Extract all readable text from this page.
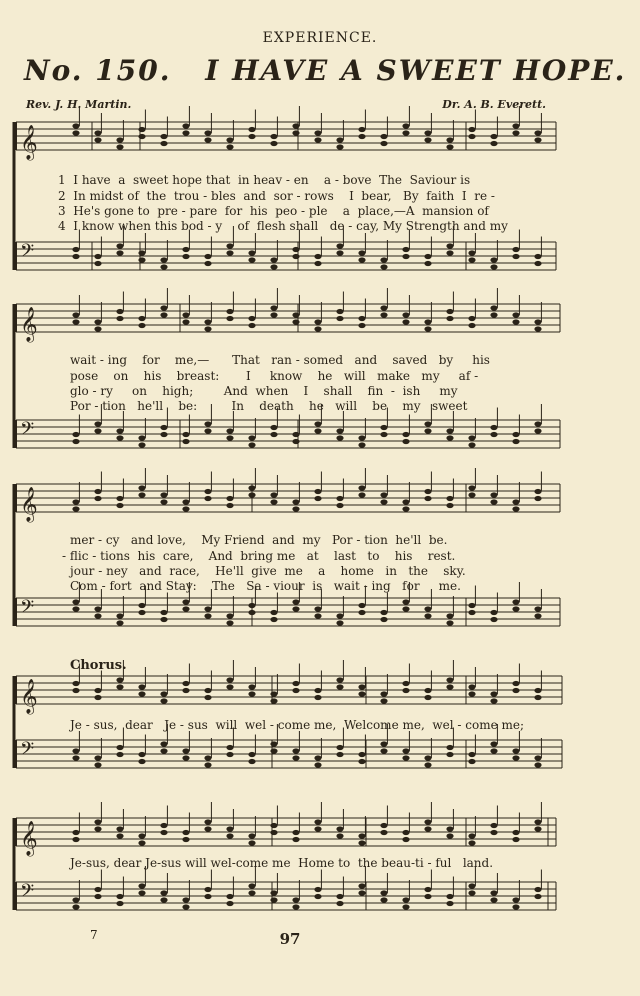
EXPERIENCE.
No. 150. I HAVE A SWEET HOPE.
Rev. J. H. Martin.	Dr. A. B. Everett.
𝄞
𝄢
𝄞
𝄢
𝄞
𝄢
𝄞
𝄢
𝄞
𝄢
1  I have  a  sweet hope that  in heav - en    a - bove  The  Saviour is
2  In midst of  the  trou - bles  and  sor - rows    I  bear,   By  faith  I  re -
3  He's gone to  pre - pare  for  his  peo - ple    a  place,—A  mansion of
4  I know when this bod - y    of  flesh shall   de - cay, My Strength and my
wait - ing    for    me,—      That   ran - somed   and    saved   by     his
pose    on    his    breast:       I     know    he   will   make   my     af -
glo - ry     on    high;        And  when    I    shall    fin  -  ish     my
Por - tion   he'll    be:         In    death    he   will    be    my   sweet
mer - cy   and love,    My Friend  and  my   Por - tion  he'll  be.
- flic - tions  his  care,    And  bring me   at    last   to    his    rest.
jour - ney   and  race,    He'll  give  me    a    home   in   the    sky.
Com - fort  and Stay:    The   Sa - viour  is   wait - ing   for     me.
Chorus.
Je - sus,  dear   Je - sus  will  wel - come me,  Welcome me,  wel - come me;
Je-sus, dear Je-sus will wel-come me  Home to  the beau-ti - ful   land.
7	97
